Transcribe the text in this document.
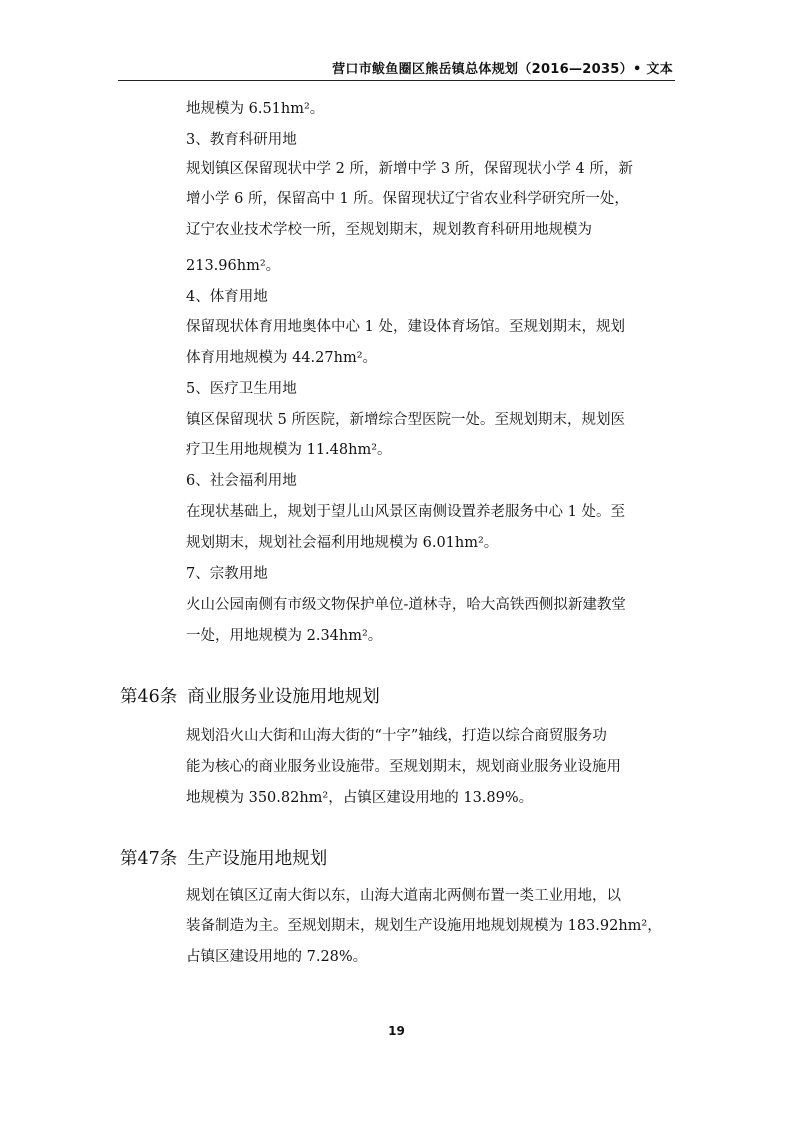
营口市鲅鱼圈区熊岳镇总体规划（2016—2035）• 文本
地规模为 6.51hm²。
3、教育科研用地
规划镇区保留现状中学 2 所，新增中学 3 所，保留现状小学 4 所，新
增小学 6 所，保留高中 1 所。保留现状辽宁省农业科学研究所一处，
辽宁农业技术学校一所，至规划期末，规划教育科研用地规模为
213.96hm²。
4、体育用地
保留现状体育用地奥体中心 1 处，建设体育场馆。至规划期末，规划
体育用地规模为 44.27hm²。
5、医疗卫生用地
镇区保留现状 5 所医院，新增综合型医院一处。至规划期末，规划医
疗卫生用地规模为 11.48hm²。
6、社会福利用地
在现状基础上，规划于望儿山风景区南侧设置养老服务中心 1 处。至
规划期末，规划社会福利用地规模为 6.01hm²。
7、宗教用地
火山公园南侧有市级文物保护单位-道林寺，哈大高铁西侧拟新建教堂
一处，用地规模为 2.34hm²。
第46条 商业服务业设施用地规划
规划沿火山大街和山海大街的“十字”轴线，打造以综合商贸服务功
能为核心的商业服务业设施带。至规划期末，规划商业服务业设施用
地规模为 350.82hm²，占镇区建设用地的 13.89%。
第47条 生产设施用地规划
规划在镇区辽南大街以东，山海大道南北两侧布置一类工业用地，以
装备制造为主。至规划期末，规划生产设施用地规划规模为 183.92hm²，
占镇区建设用地的 7.28%。
19
